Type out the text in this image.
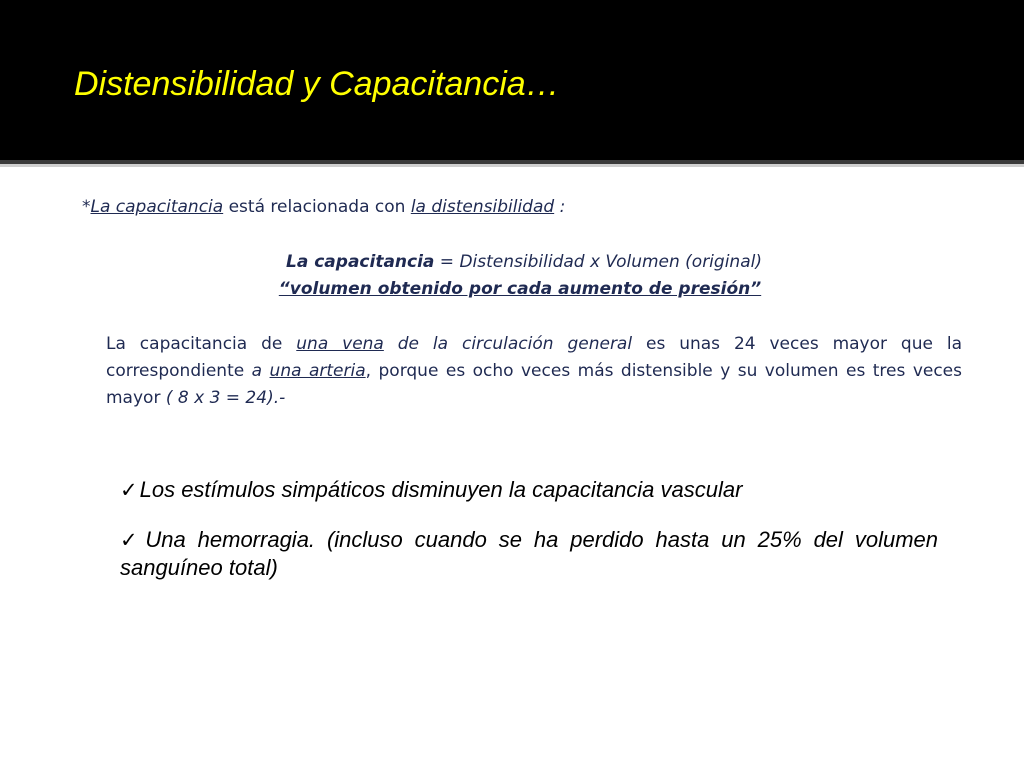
Distensibilidad y Capacitancia…
*La capacitancia está relacionada con la distensibilidad :
La capacitancia = Distensibilidad x Volumen (original)
“volumen obtenido por cada aumento de presión”

La capacitancia de una vena de la circulación general es unas 24 veces mayor que la correspondiente a una arteria, porque es ocho veces más distensible y su volumen es tres veces mayor ( 8 x 3 = 24).-

✓Los estímulos simpáticos disminuyen la capacitancia vascular
✓Una hemorragia. (incluso cuando se ha perdido hasta un 25% del volumen sanguíneo total)
